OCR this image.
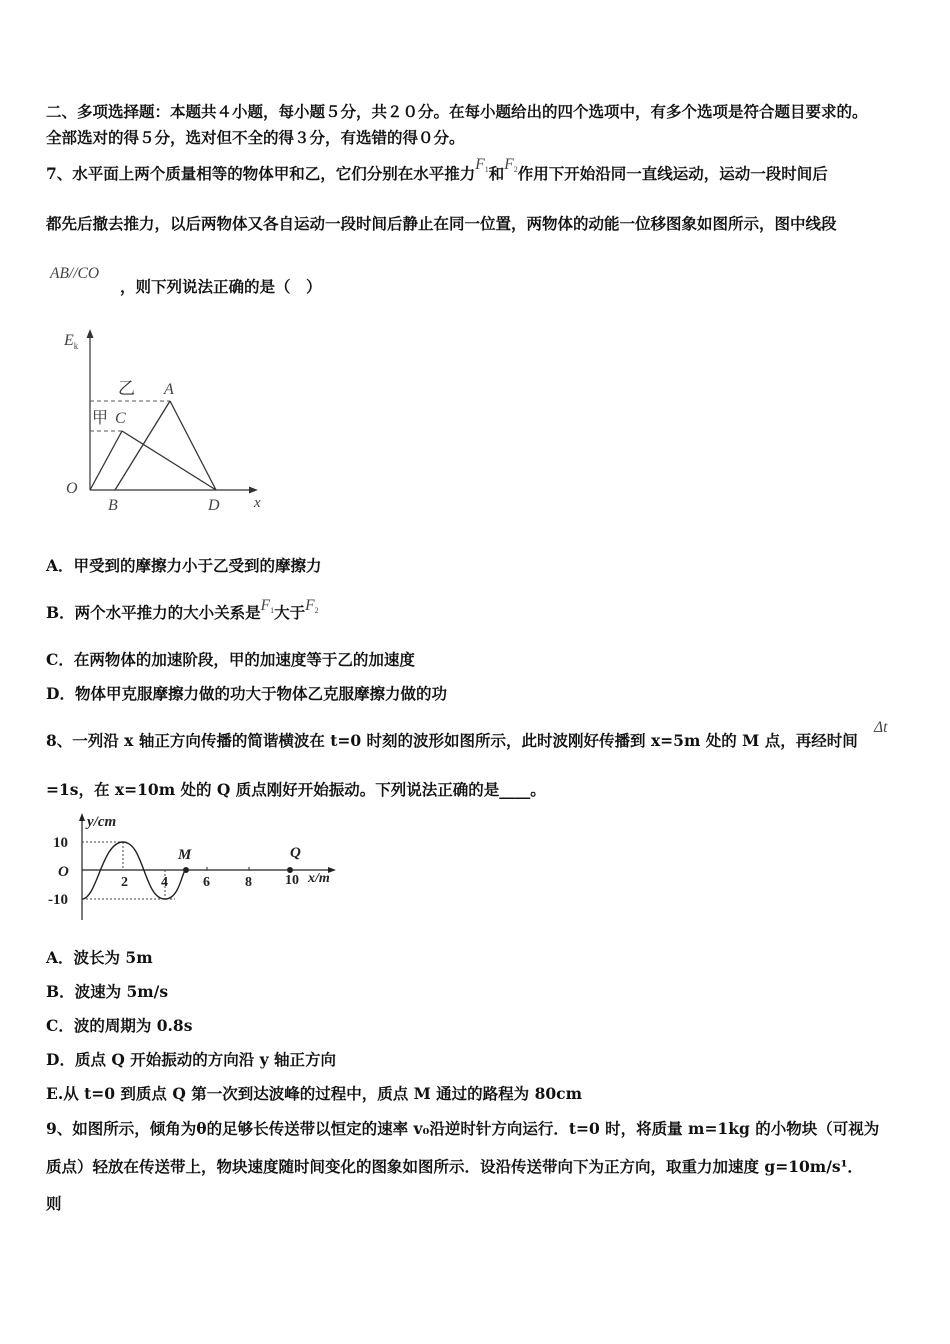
二、多项选择题：本题共４小题，每小题５分，共２０分。在每小题给出的四个选项中，有多个选项是符合题目要求的。
全部选对的得５分，选对但不全的得３分，有选错的得０分。
7、水平面上两个质量相等的物体甲和乙，它们分别在水平推力$F_1$和$F_2$作用下开始沿同一直线运动，运动一段时间后
都先后撤去推力，以后两物体又各自运动一段时间后静止在同一位置，两物体的动能一位移图象如图所示，图中线段
AB//CO
，则下列说法正确的是（　）
$E_k$
x
O
乙
甲
A
C
B	D
A．甲受到的摩擦力小于乙受到的摩擦力
B．两个水平推力的大小关系是$F_1$大于$F_2$
C．在两物体的加速阶段，甲的加速度等于乙的加速度
D．物体甲克服摩擦力做的功大于物体乙克服摩擦力做的功
8、一列沿 x 轴正方向传播的简谐横波在 t=0 时刻的波形如图所示，此时波刚好传播到 x=5m 处的 M 点，再经时间
Δt
=1s，在 x=10m 处的 Q 质点刚好开始振动。下列说法正确的是____。
y/cm
x/m
10
O
-10
2 4	6	8 10
M	Q
A．波长为 5m
B．波速为 5m/s
C．波的周期为 0.8s
D．质点 Q 开始振动的方向沿 y 轴正方向
E.从 t=0 到质点 Q 第一次到达波峰的过程中，质点 M 通过的路程为 80cm
9、如图所示，倾角为θ的足够长传送带以恒定的速率 v₀沿逆时针方向运行．t=0 时，将质量 m=1kg 的小物块（可视为
质点）轻放在传送带上，物块速度随时间变化的图象如图所示．设沿传送带向下为正方向，取重力加速度 g=10m/s¹．
则
